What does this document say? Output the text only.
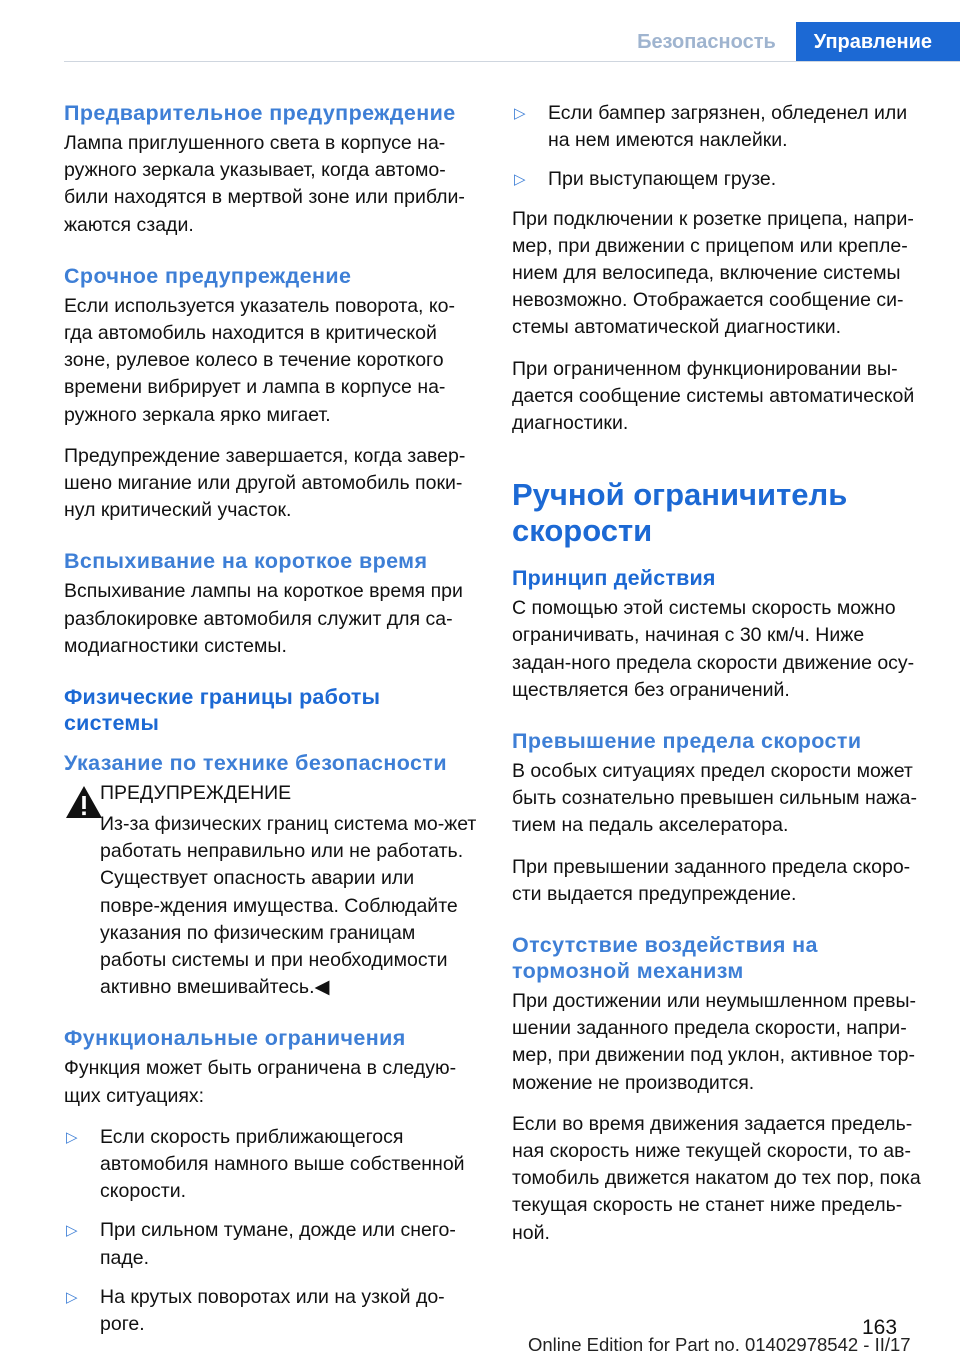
Безопасность	Управление
Предварительное предупреждение
Лампа приглушенного света в корпусе на-ружного зеркала указывает, когда автомо-били находятся в мертвой зоне или прибли-жаются сзади.
Срочное предупреждение
Если используется указатель поворота, ко-гда автомобиль находится в критической зоне, рулевое колесо в течение короткого времени вибрирует и лампа в корпусе на-ружного зеркала ярко мигает.
Предупреждение завершается, когда завер-шено мигание или другой автомобиль поки-нул критический участок.
Вспыхивание на короткое время
Вспыхивание лампы на короткое время при разблокировке автомобиля служит для са-модиагностики системы.
Физические границы работы системы
Указание по технике безопасности
ПРЕДУПРЕЖДЕНИЕ
Из-за физических границ система мо-жет работать неправильно или не работать. Существует опасность аварии или повре-ждения имущества. Соблюдайте указания по физическим границам работы системы и при необходимости активно вмешивайтесь.◀
Функциональные ограничения
Функция может быть ограничена в следую-щих ситуациях:
▷ Если скорость приближающегося автомобиля намного выше собственной скорости.
▷ При сильном тумане, дожде или снего-паде.
▷ На крутых поворотах или на узкой до-роге.
▷ Если бампер загрязнен, обледенел или на нем имеются наклейки.
▷ При выступающем грузе.
При подключении к розетке прицепа, напри-мер, при движении с прицепом или крепле-нием для велосипеда, включение системы невозможно. Отображается сообщение си-стемы автоматической диагностики.
При ограниченном функционировании вы-дается сообщение системы автоматической диагностики.
Ручной ограничитель скорости
Принцип действия
С помощью этой системы скорость можно ограничивать, начиная с 30 км/ч. Ниже задан-ного предела скорости движение осу-ществляется без ограничений.
Превышение предела скорости
В особых ситуациях предел скорости может быть сознательно превышен сильным нажа-тием на педаль акселератора.
При превышении заданного предела скоро-сти выдается предупреждение.
Отсутствие воздействия на тормозной механизм
При достижении или неумышленном превы-шении заданного предела скорости, напри-мер, при движении под уклон, активное тор-можение не производится.
Если во время движения задается предель-ная скорость ниже текущей скорости, то ав-томобиль движется накатом до тех пор, пока текущая скорость не станет ниже предель-ной.
163
Online Edition for Part no. 01402978542 - II/17
